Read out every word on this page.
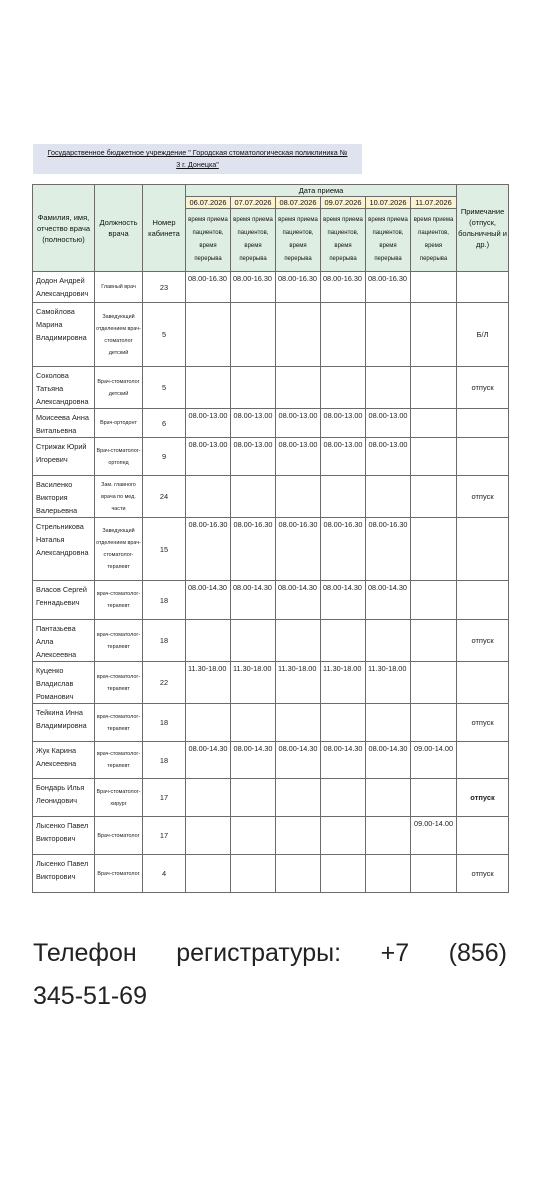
Государственное бюджетное учреждение " Городская стоматологическая поликлиника №
3 г. Донецка"
Фамилия, имя, отчество врача (полностью)	Должность врача	Номер кабинета	Дата приема						Примечание (отпуск, больничный и др.)
			06.07.2026	07.07.2026	08.07.2026	09.07.2026	10.07.2026	11.07.2026	
			время приема пациентов, время перерыва	время приема пациентов, время перерыва	время приема пациентов, время перерыва	время приема пациентов, время перерыва	время приема пациентов, время перерыва	время приема пациентов, время перерыва	
Додон Андрей Александрович	Главный врач	23	08.00-16.30	08.00-16.30	08.00-16.30	08.00-16.30	08.00-16.30		
Самойлова Марина Владимировна	Заведующий отделением врач-стоматолог детский	5							Б/Л
Соколова Татьяна Александровна	Врач-стоматолог детский	5							отпуск
Моисеева Анна Витальевна	Врач-ортодонт	6	08.00-13.00	08.00-13.00	08.00-13.00	08.00-13.00	08.00-13.00		
Стрижак Юрий Игоревич	Врач-стоматолог-ортопед	9	08.00-13.00	08.00-13.00	08.00-13.00	08.00-13.00	08.00-13.00		
Василенко Виктория Валерьевна	Зам. главного врача по мед. части	24							отпуск
Стрельникова Наталья Александровна	Заведующий отделением врач-стоматолог-терапевт	15	08.00-16.30	08.00-16.30	08.00-16.30	08.00-16.30	08.00-16.30		
Власов Сергей Геннадьевич	врач-стоматолог-терапевт	18	08.00-14.30	08.00-14.30	08.00-14.30	08.00-14.30	08.00-14.30		
Пантазьева Алла Алексеевна	врач-стоматолог-терапевт	18							отпуск
Куценко Владислав Романович	врач-стоматолог-терапевт	22	11.30-18.00	11.30-18.00	11.30-18.00	11.30-18.00	11.30-18.00		
Тейкина Инна Владимировна	врач-стоматолог-терапевт	18							отпуск
Жук Карина Алексеевна	врач-стоматолог-терапевт	18	08.00-14.30	08.00-14.30	08.00-14.30	08.00-14.30	08.00-14.30	09.00-14.00	
Бондарь Илья Леонидович	Врач-стоматолог-хирург	17							отпуск
Лысенко Павел Викторович	Врач-стоматолог	17						09.00-14.00	
Лысенко Павел Викторович	Врач-стоматолог	4							отпуск
Телефон регистратуры: +7 (856)
345-51-69
